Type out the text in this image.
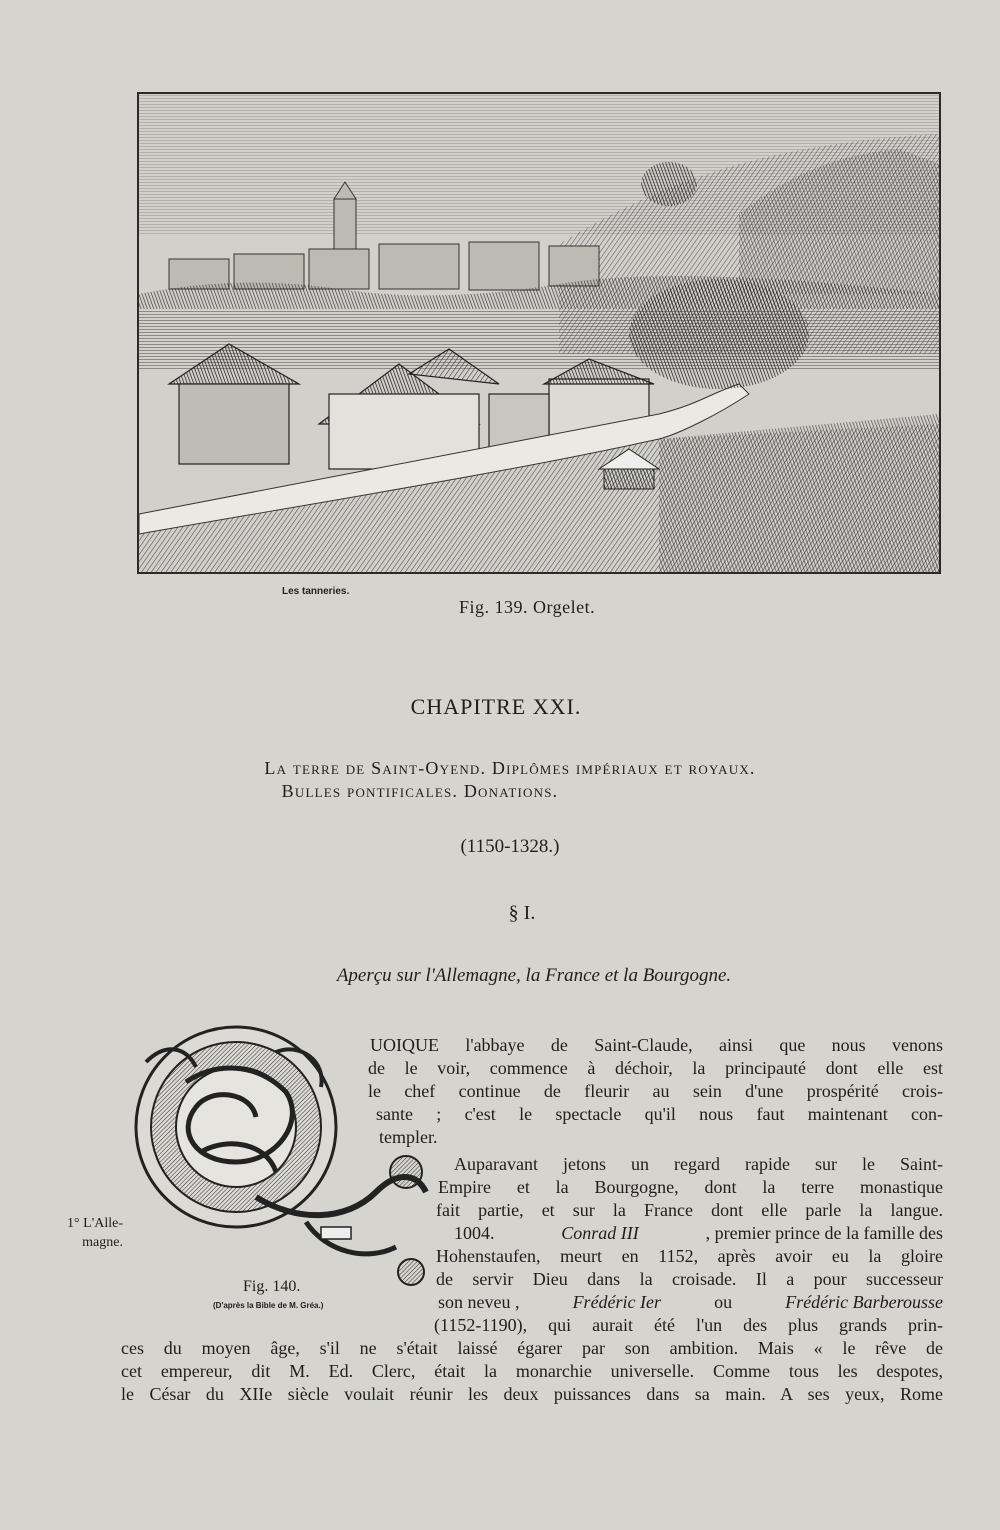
Les tanneries.
Fig. 139. Orgelet.
CHAPITRE XXI.
La terre de Saint-Oyend. Diplômes impériaux et royaux.
Bulles pontificales. Donations.
(1150-1328.)
§ I.
Aperçu sur l'Allemagne, la France et la Bourgogne.
Fig. 140.
(D'après la Bible de M. Gréa.)
1° L'Alle-
magne.
UOIQUE l'abbaye de Saint-Claude, ainsi que nous venons
de le voir, commence à déchoir, la principauté dont elle est
le chef continue de fleurir au sein d'une prospérité crois-
sante ; c'est le spectacle qu'il nous faut maintenant con-
templer.
Auparavant jetons un regard rapide sur le Saint-
Empire et la Bourgogne, dont la terre monastique
fait partie, et sur la France dont elle parle la langue.
1004.	Conrad III	, premier prince de la famille des
Hohenstaufen, meurt en 1152, après avoir eu la gloire
de servir Dieu dans la croisade. Il a pour successeur
son neveu ,	Frédéric Ier	ou	Frédéric Barberousse
(1152-1190), qui aurait été l'un des plus grands prin-
ces du moyen âge, s'il ne s'était laissé égarer par son ambition. Mais « le rêve de
cet empereur, dit M. Ed. Clerc, était la monarchie universelle. Comme tous les despotes,
le César du XIIe siècle voulait réunir les deux puissances dans sa main. A ses yeux, Rome
